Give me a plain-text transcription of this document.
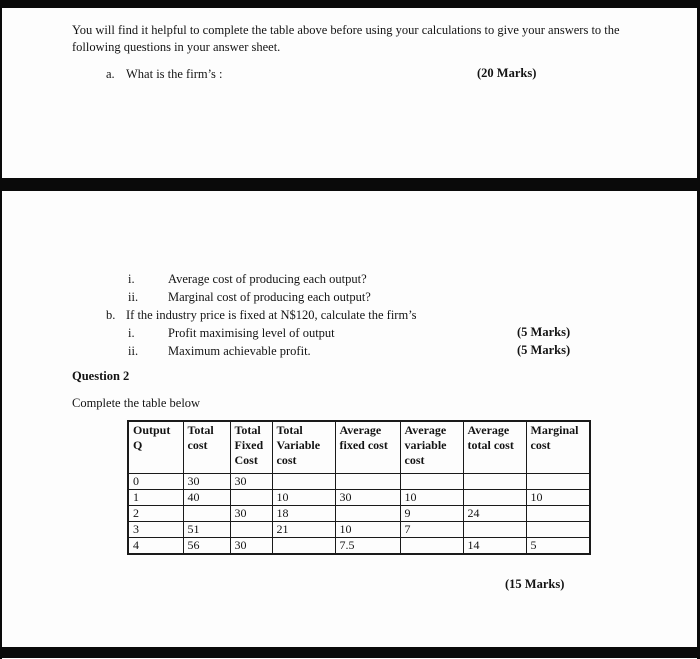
You will find it helpful to complete the table above before using your calculations to give your answers to the following questions in your answer sheet.

a. What is the firm’s :	(20 Marks)
i.	Average cost of producing each output?
ii. Marginal cost of producing each output?
b. If the industry price is fixed at N$120, calculate the firm’s
i.	Profit maximising level of output
ii. Maximum achievable profit.
(5 Marks)
(5 Marks)
Question 2
Complete the table below
Output Q	Total cost	Total Fixed Cost	Total Variable cost	Average fixed cost	Average variable cost	Average total cost	Marginal cost
0	30	30					
1	40		10	30	10		10
2		30	18		9	24	
3	51		21	10	7		
4	56	30		7.5		14	5
(15 Marks)
